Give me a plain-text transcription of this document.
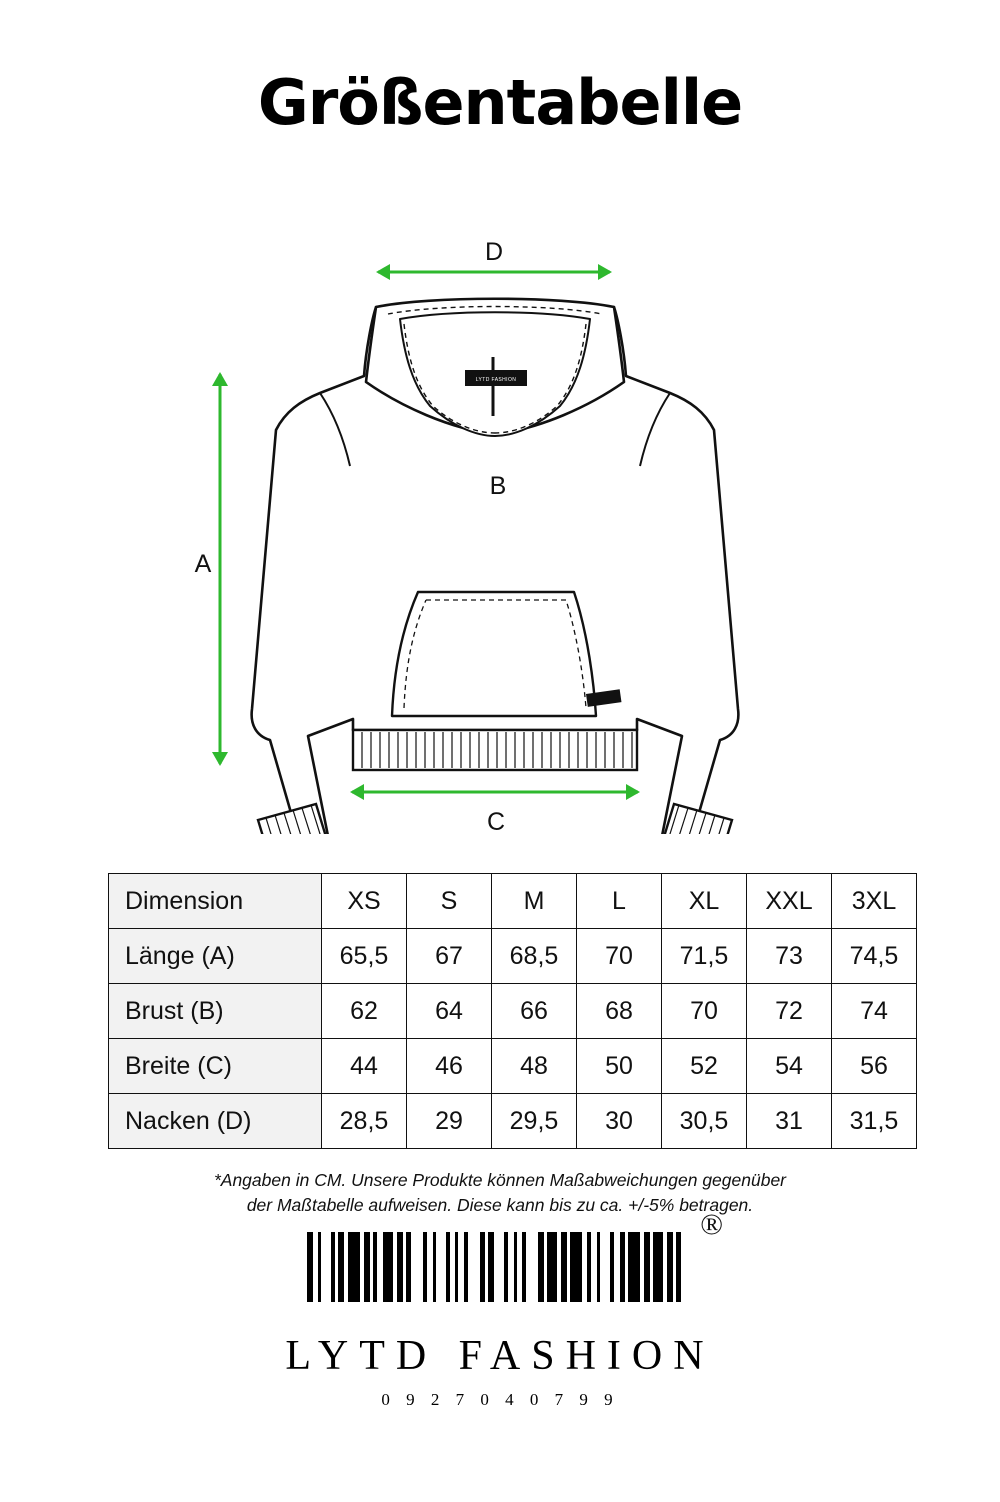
Größentabelle
LYTD FASHION
D
A
B
C
Dimension	XS	S	M	L	XL	XXL	3XL
Länge (A)	65,5	67	68,5	70	71,5	73	74,5
Brust (B)	62	64	66	68	70	72	74
Breite (C)	44	46	48	50	52	54	56
Nacken (D)	28,5	29	29,5	30	30,5	31	31,5
*Angaben in CM. Unsere Produkte können Maßabweichungen gegenüber
der Maßtabelle aufweisen. Diese kann bis zu ca. +/-5% betragen.
®
LYTD FASHION
0 9 2 7 0 4 0 7 9 9
